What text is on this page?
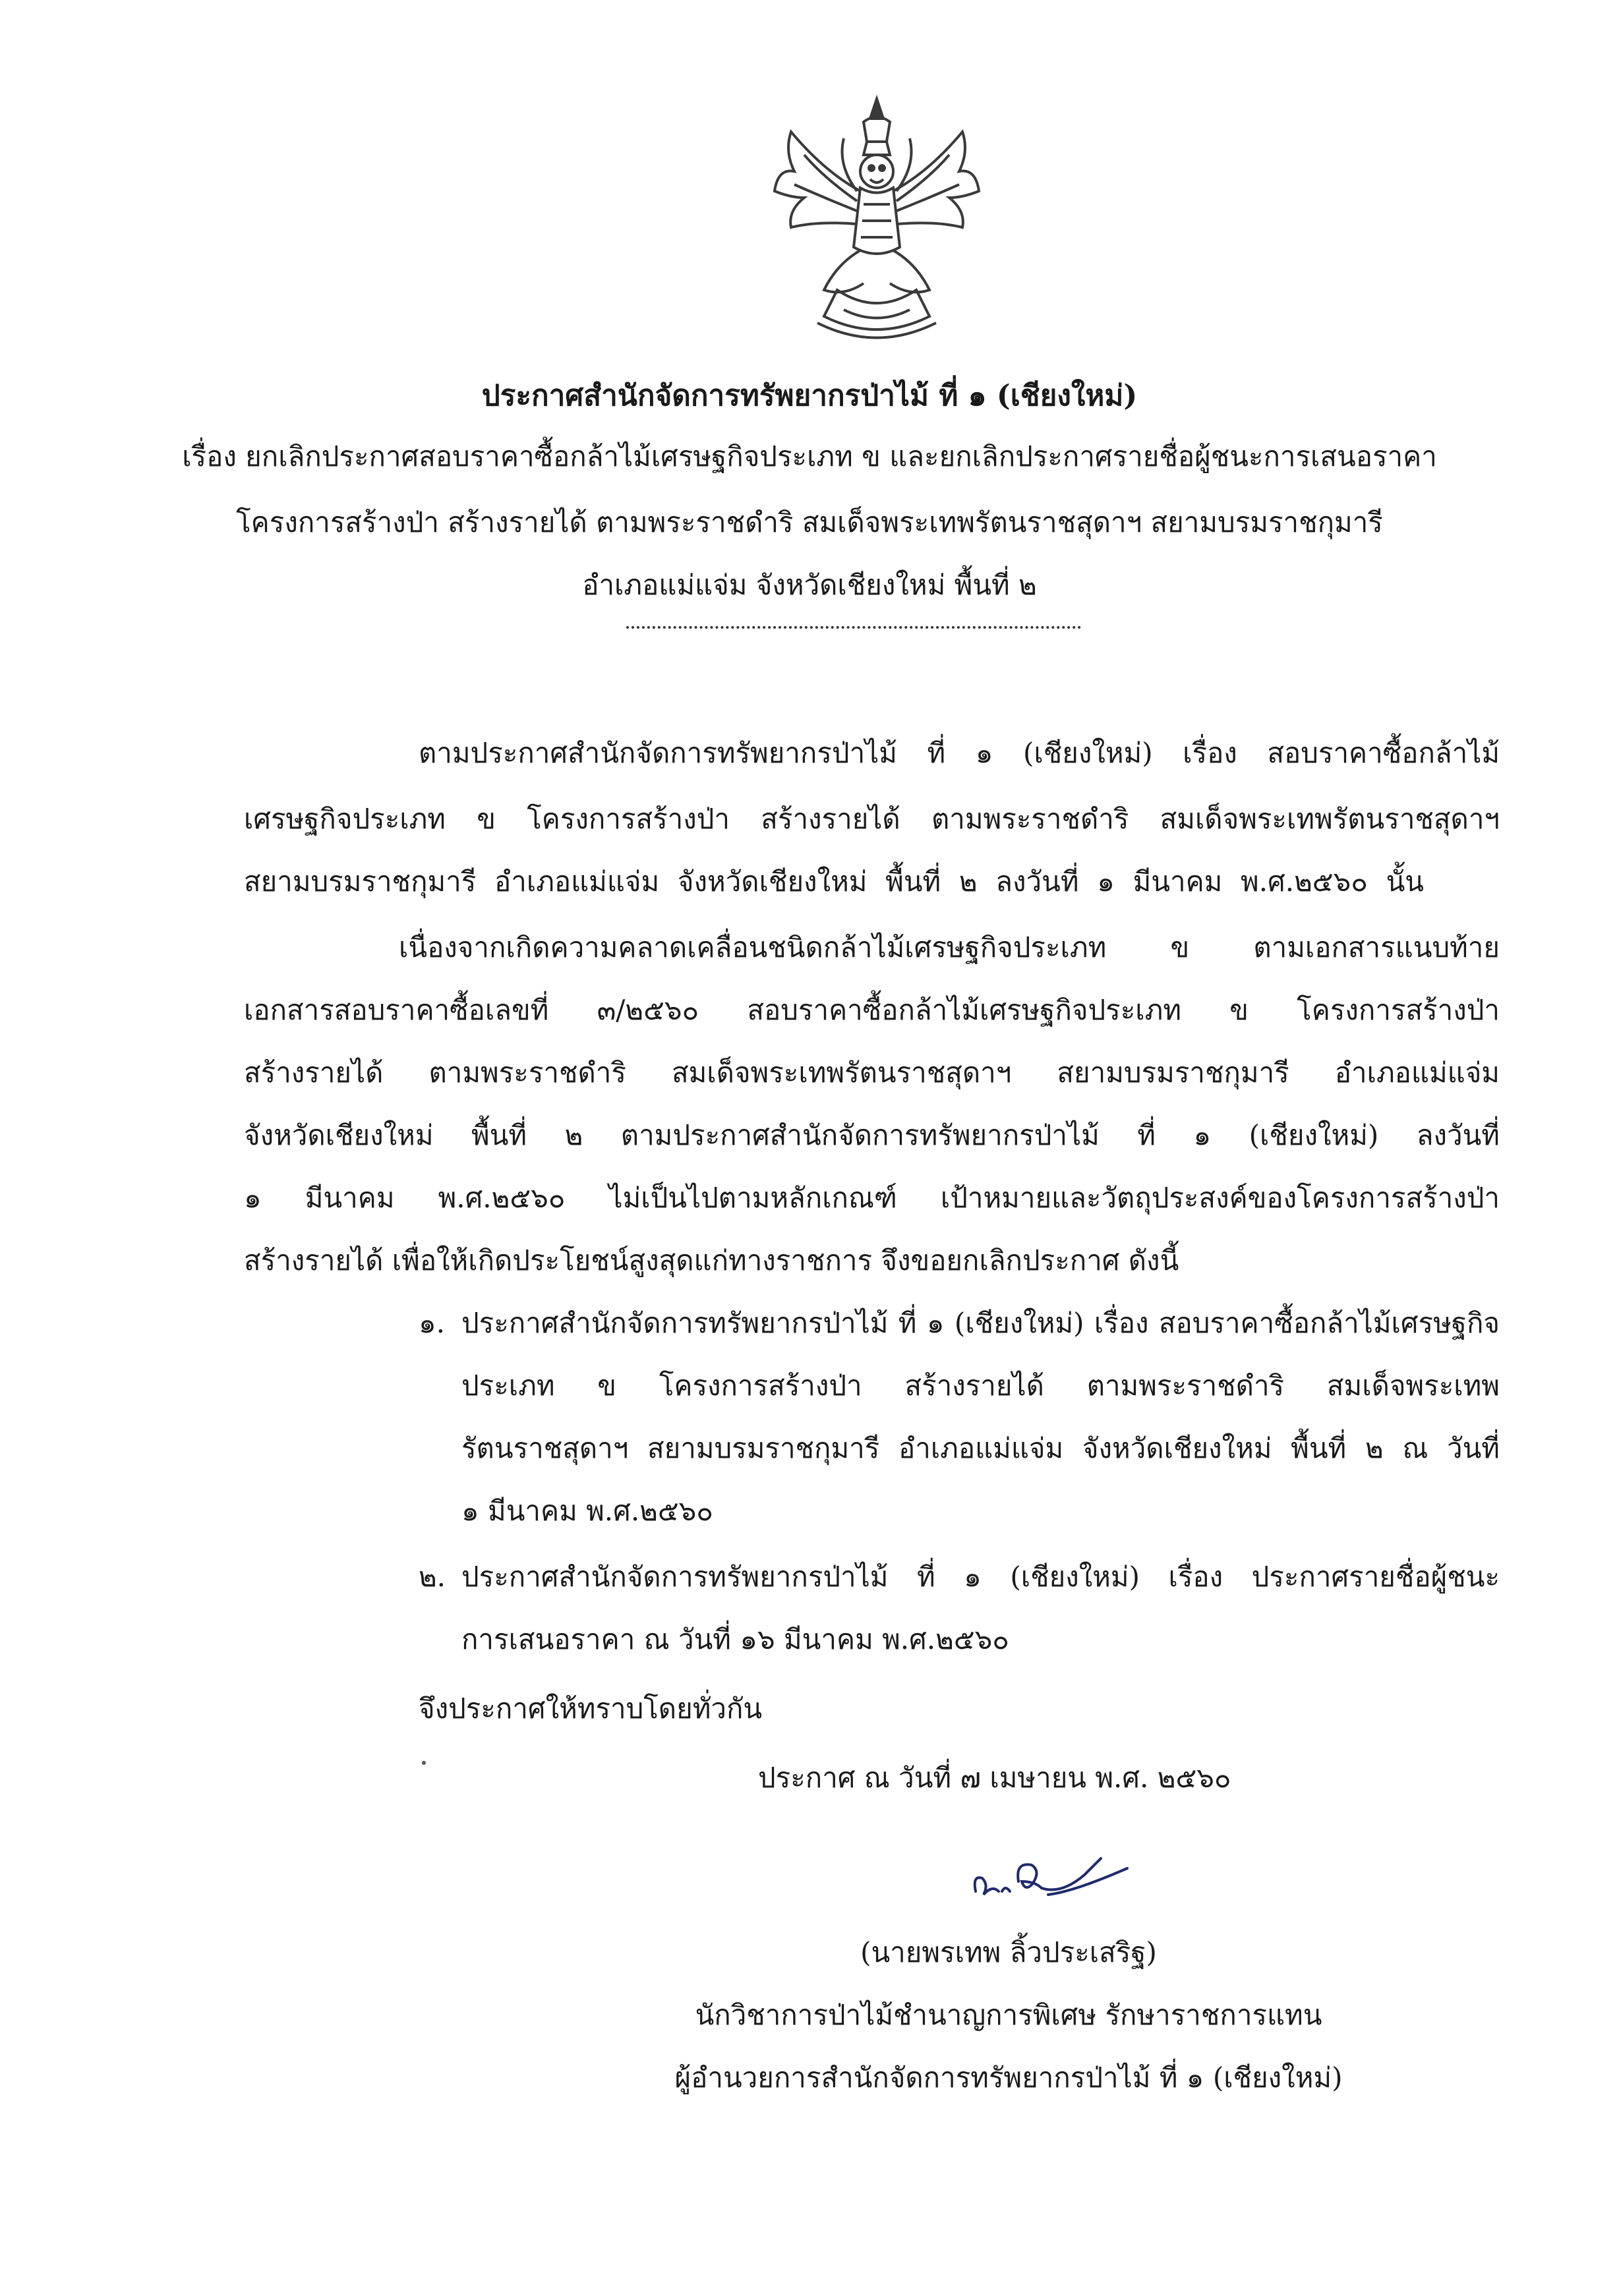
ประกาศสำนักจัดการทรัพยากรป่าไม้ ที่ ๑ (เชียงใหม่)
เรื่อง ยกเลิกประกาศสอบราคาซื้อกล้าไม้เศรษฐกิจประเภท ข และยกเลิกประกาศรายชื่อผู้ชนะการเสนอราคา
โครงการสร้างป่า สร้างรายได้ ตามพระราชดำริ สมเด็จพระเทพรัตนราชสุดาฯ สยามบรมราชกุมารี
อำเภอแม่แจ่ม จังหวัดเชียงใหม่ พื้นที่ ๒
ตามประกาศสำนักจัดการทรัพยากรป่าไม้ ที่ ๑ (เชียงใหม่) เรื่อง สอบราคาซื้อกล้าไม้
เศรษฐกิจประเภท ข โครงการสร้างป่า สร้างรายได้ ตามพระราชดำริ สมเด็จพระเทพรัตนราชสุดาฯ
สยามบรมราชกุมารี อำเภอแม่แจ่ม จังหวัดเชียงใหม่ พื้นที่ ๒ ลงวันที่ ๑ มีนาคม พ.ศ.๒๕๖๐ นั้น
เนื่องจากเกิดความคลาดเคลื่อนชนิดกล้าไม้เศรษฐกิจประเภท ข ตามเอกสารแนบท้าย
เอกสารสอบราคาซื้อเลขที่ ๓/๒๕๖๐ สอบราคาซื้อกล้าไม้เศรษฐกิจประเภท ข โครงการสร้างป่า
สร้างรายได้ ตามพระราชดำริ สมเด็จพระเทพรัตนราชสุดาฯ สยามบรมราชกุมารี อำเภอแม่แจ่ม
จังหวัดเชียงใหม่ พื้นที่ ๒ ตามประกาศสำนักจัดการทรัพยากรป่าไม้ ที่ ๑ (เชียงใหม่) ลงวันที่
๑ มีนาคม พ.ศ.๒๕๖๐ ไม่เป็นไปตามหลักเกณฑ์ เป้าหมายและวัตถุประสงค์ของโครงการสร้างป่า
สร้างรายได้ เพื่อให้เกิดประโยชน์สูงสุดแก่ทางราชการ จึงขอยกเลิกประกาศ ดังนี้
๑. ประกาศสำนักจัดการทรัพยากรป่าไม้ ที่ ๑ (เชียงใหม่) เรื่อง สอบราคาซื้อกล้าไม้เศรษฐกิจ
ประเภท ข โครงการสร้างป่า สร้างรายได้ ตามพระราชดำริ สมเด็จพระเทพ
รัตนราชสุดาฯ สยามบรมราชกุมารี อำเภอแม่แจ่ม จังหวัดเชียงใหม่ พื้นที่ ๒ ณ วันที่
๑ มีนาคม พ.ศ.๒๕๖๐
๒. ประกาศสำนักจัดการทรัพยากรป่าไม้ ที่ ๑ (เชียงใหม่) เรื่อง ประกาศรายชื่อผู้ชนะ
การเสนอราคา ณ วันที่ ๑๖ มีนาคม พ.ศ.๒๕๖๐
จึงประกาศให้ทราบโดยทั่วกัน
ประกาศ ณ วันที่ ๗ เมษายน พ.ศ. ๒๕๖๐
(นายพรเทพ ลิ้วประเสริฐ)
นักวิชาการป่าไม้ชำนาญการพิเศษ รักษาราชการแทน
ผู้อำนวยการสำนักจัดการทรัพยากรป่าไม้ ที่ ๑ (เชียงใหม่)
